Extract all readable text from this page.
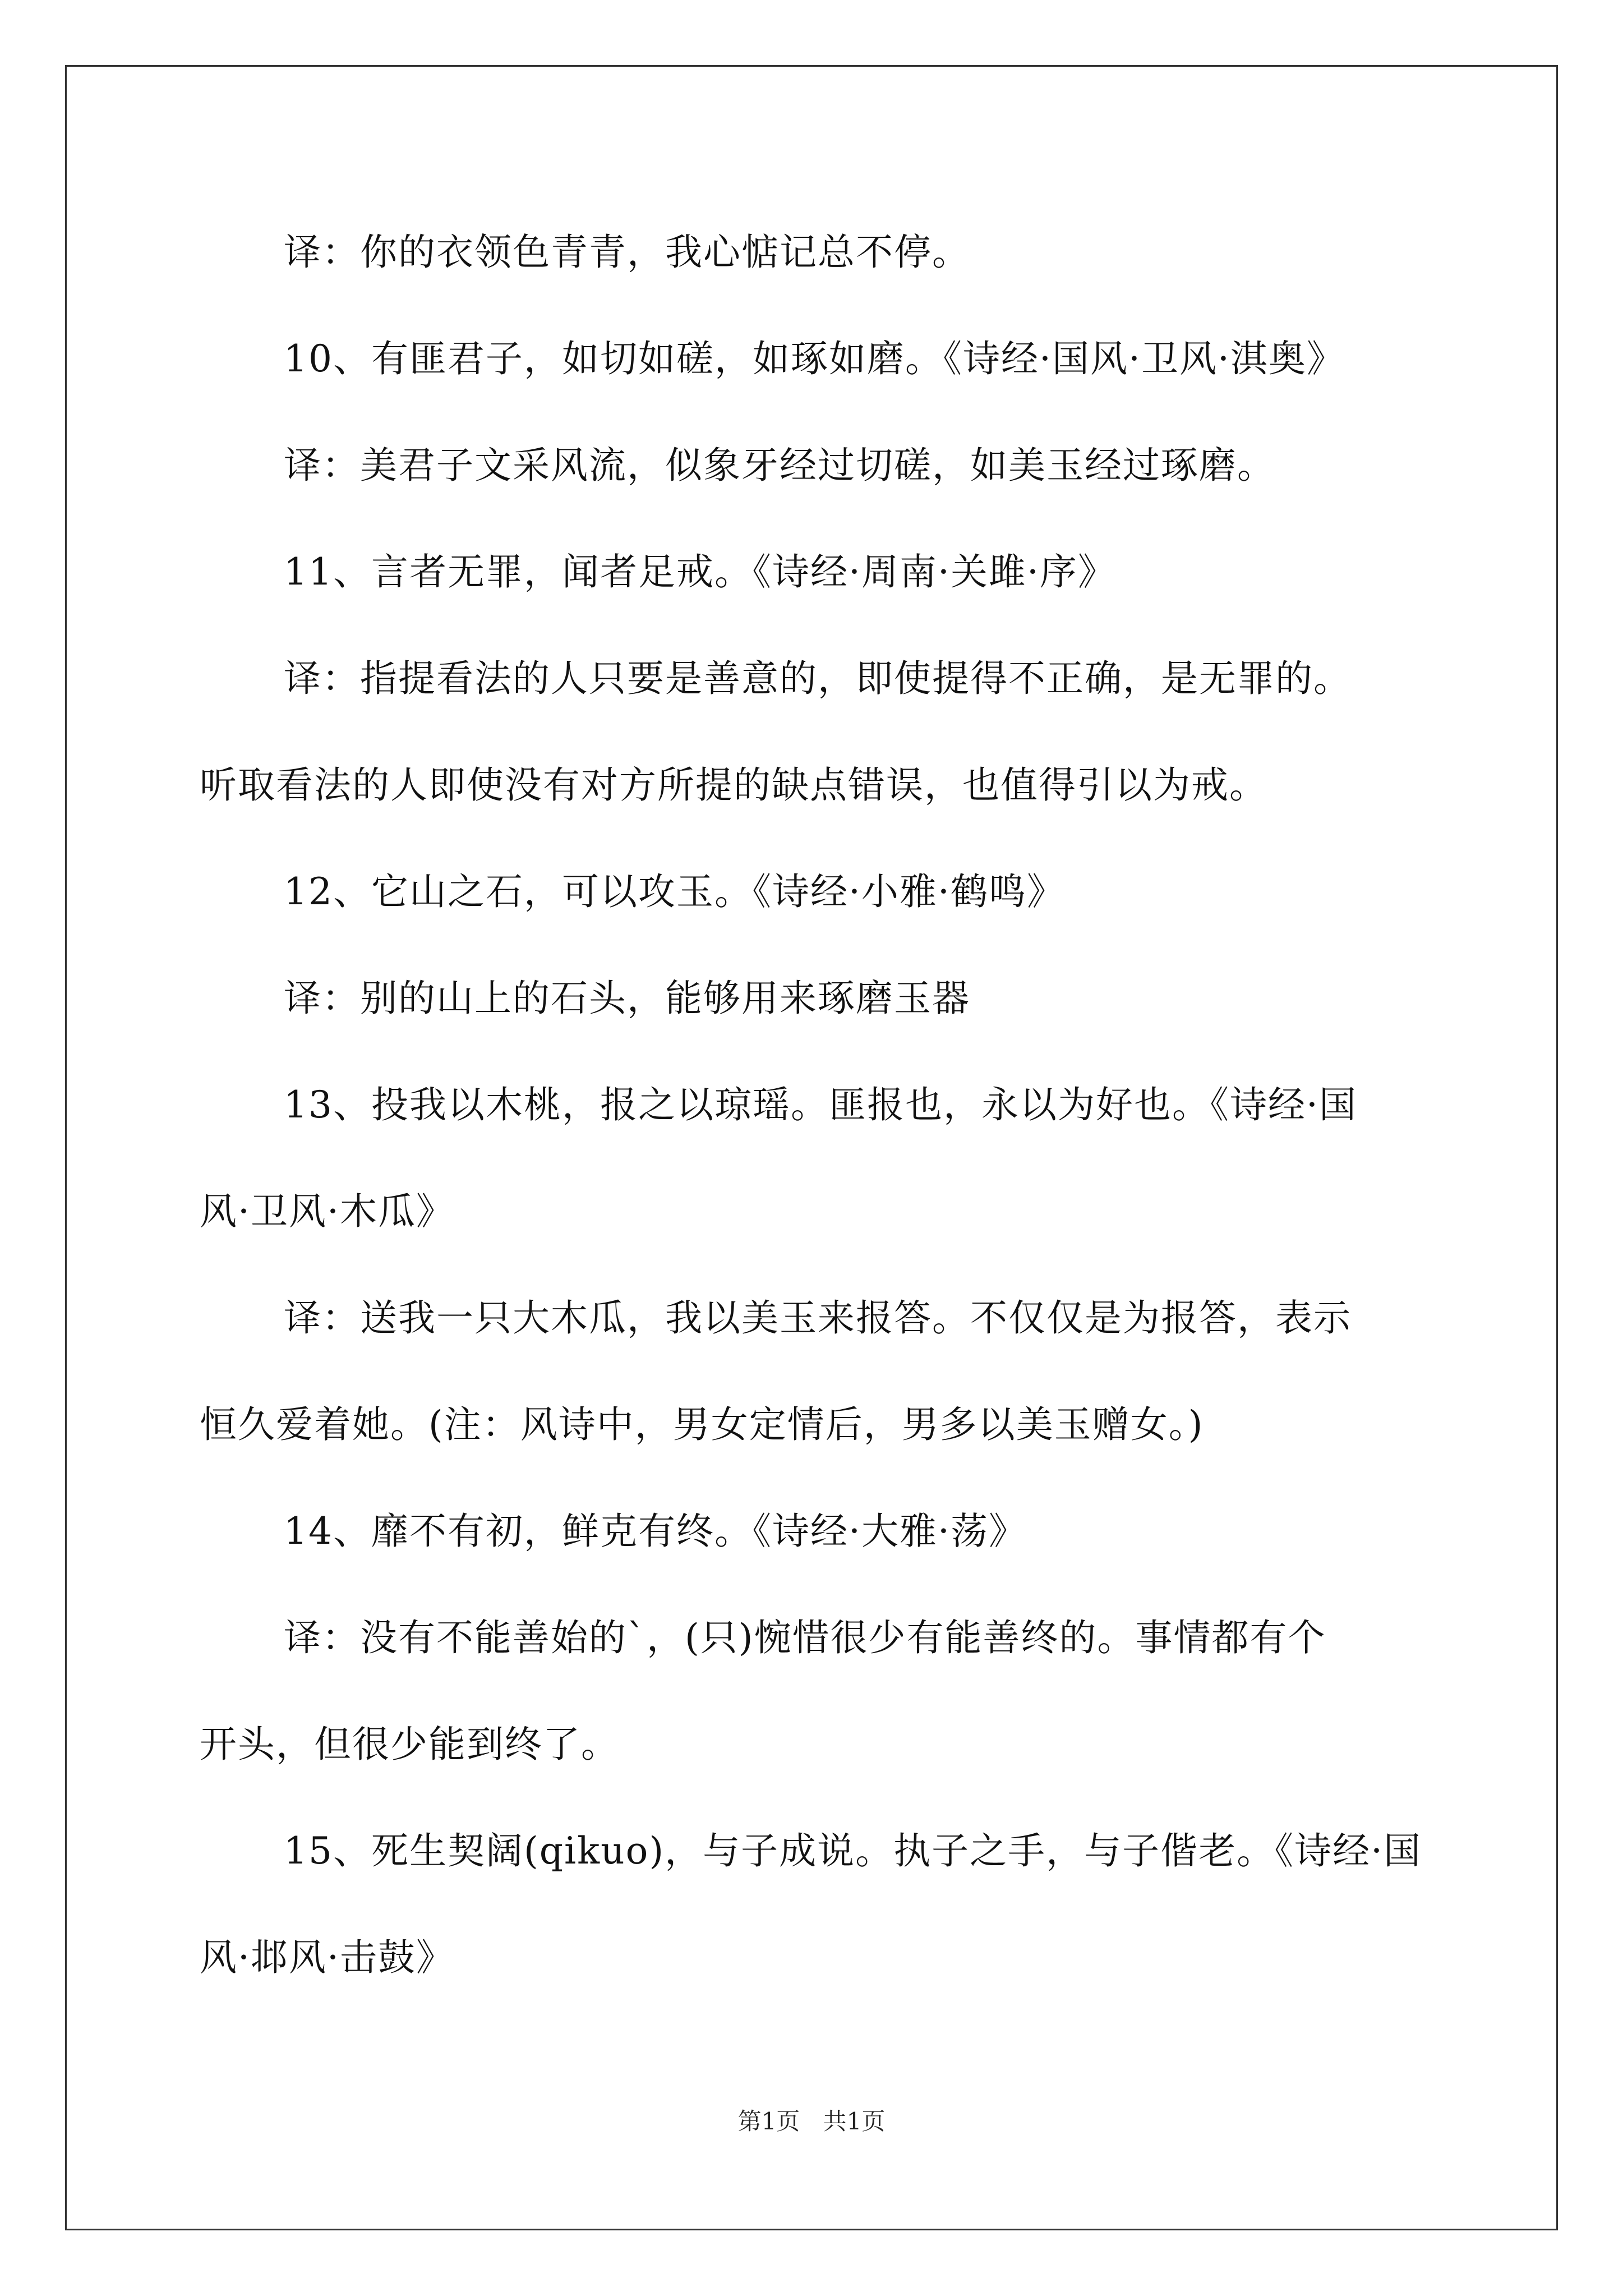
译：你的衣领色青青，我心惦记总不停。
10、有匪君子，如切如磋，如琢如磨。《诗经·国风·卫风·淇奥》
译：美君子文采风流，似象牙经过切磋，如美玉经过琢磨。
11、言者无罪，闻者足戒。《诗经·周南·关雎·序》
译：指提看法的人只要是善意的，即使提得不正确，是无罪的。
听取看法的人即使没有对方所提的缺点错误，也值得引以为戒。
12、它山之石，可以攻玉。《诗经·小雅·鹤鸣》
译：别的山上的石头，能够用来琢磨玉器
13、投我以木桃，报之以琼瑶。匪报也，永以为好也。《诗经·国
风·卫风·木瓜》
译：送我一只大木瓜，我以美玉来报答。不仅仅是为报答，表示
恒久爱着她。(注：风诗中，男女定情后，男多以美玉赠女。)
14、靡不有初，鲜克有终。《诗经·大雅·荡》
译：没有不能善始的`，(只)惋惜很少有能善终的。事情都有个
开头，但很少能到终了。
15、死生契阔(qikuo)，与子成说。执子之手，与子偕老。《诗经·国
风·邶风·击鼓》
第1页 共1页
